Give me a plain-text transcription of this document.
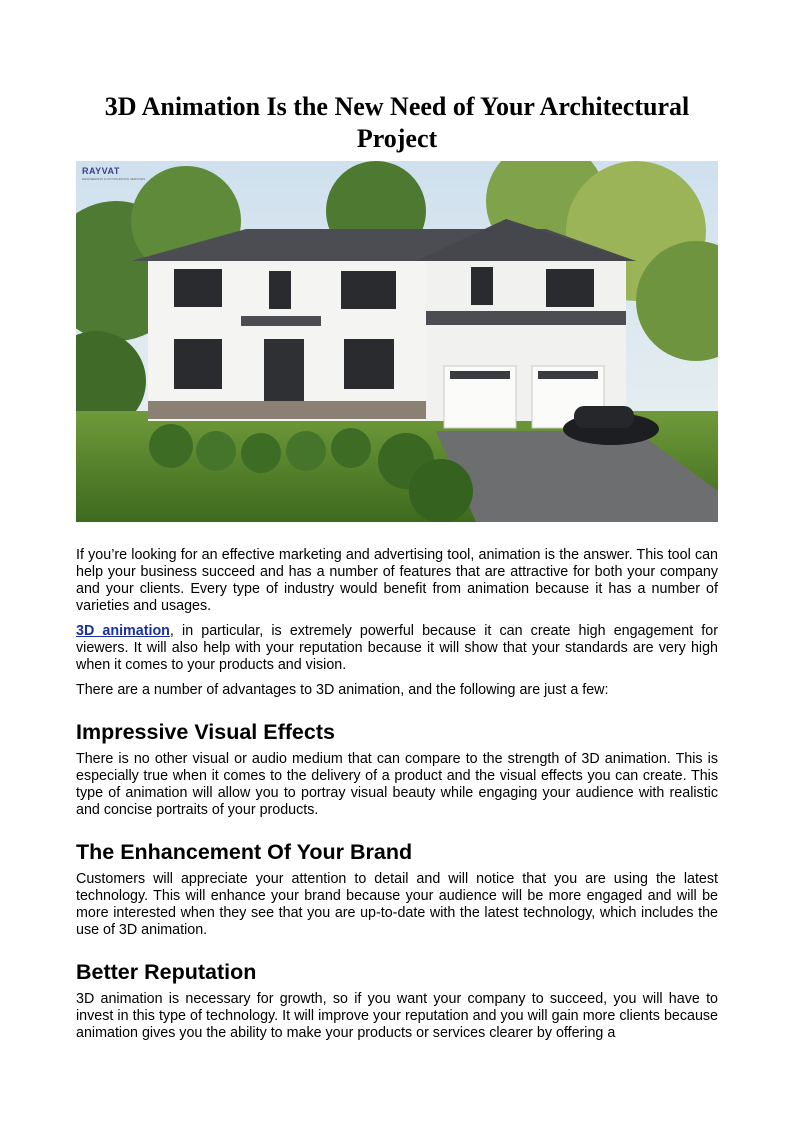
3D Animation Is the New Need of Your Architectural Project
RAYVAT
ENGINEERING & OUTSOURCING SERVICES

If you’re looking for an effective marketing and advertising tool, animation is the answer. This tool can help your business succeed and has a number of features that are attractive for both your company and your clients. Every type of industry would benefit from animation because it has a number of varieties and usages.

3D animation, in particular, is extremely powerful because it can create high engagement for viewers. It will also help with your reputation because it will show that your standards are very high when it comes to your products and vision.

There are a number of advantages to 3D animation, and the following are just a few:

Impressive Visual Effects

There is no other visual or audio medium that can compare to the strength of 3D animation. This is especially true when it comes to the delivery of a product and the visual effects you can create. This type of animation will allow you to portray visual beauty while engaging your audience with realistic and concise portraits of your products.

The Enhancement Of Your Brand

Customers will appreciate your attention to detail and will notice that you are using the latest technology. This will enhance your brand because your audience will be more engaged and will be more interested when they see that you are up-to-date with the latest technology, which includes the use of 3D animation.

Better Reputation

3D animation is necessary for growth, so if you want your company to succeed, you will have to invest in this type of technology. It will improve your reputation and you will gain more clients because animation gives you the ability to make your products or services clearer by offering a
